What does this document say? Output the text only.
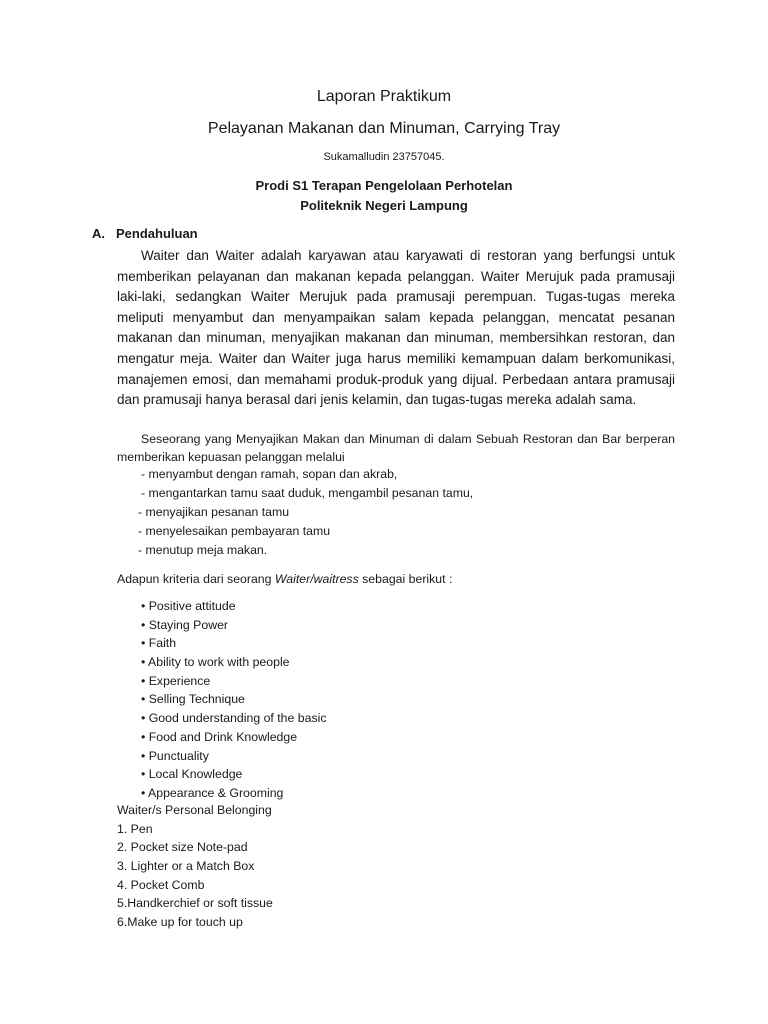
Laporan Praktikum
Pelayanan Makanan dan Minuman, Carrying Tray
Sukamalludin 23757045.
Prodi S1 Terapan Pengelolaan Perhotelan
Politeknik Negeri Lampung
A. Pendahuluan

Waiter dan Waiter adalah karyawan atau karyawati di restoran yang berfungsi untuk memberikan pelayanan dan makanan kepada pelanggan. Waiter Merujuk pada pramusaji laki-laki, sedangkan Waiter Merujuk pada pramusaji perempuan. Tugas-tugas mereka meliputi menyambut dan menyampaikan salam kepada pelanggan, mencatat pesanan makanan dan minuman, menyajikan makanan dan minuman, membersihkan restoran, dan mengatur meja. Waiter dan Waiter juga harus memiliki kemampuan dalam berkomunikasi, manajemen emosi, dan memahami produk-produk yang dijual. Perbedaan antara pramusaji dan pramusaji hanya berasal dari jenis kelamin, dan tugas-tugas mereka adalah sama.

Seseorang yang Menyajikan Makan dan Minuman di dalam Sebuah Restoran dan Bar berperan memberikan kepuasan pelanggan melalui

- menyambut dengan ramah, sopan dan akrab,
- mengantarkan tamu saat duduk, mengambil pesanan tamu,
- menyajikan pesanan tamu
- menyelesaikan pembayaran tamu
- menutup meja makan.
Adapun kriteria dari seorang Waiter/waitress sebagai berikut :
• Positive attitude
• Staying Power
• Faith
• Ability to work with people
• Experience
• Selling Technique
• Good understanding of the basic
• Food and Drink Knowledge
• Punctuality
• Local Knowledge
• Appearance & Grooming
Waiter/s Personal Belonging
1. Pen
2. Pocket size Note-pad
3. Lighter or a Match Box
4. Pocket Comb
5.Handkerchief or soft tissue
6.Make up for touch up
